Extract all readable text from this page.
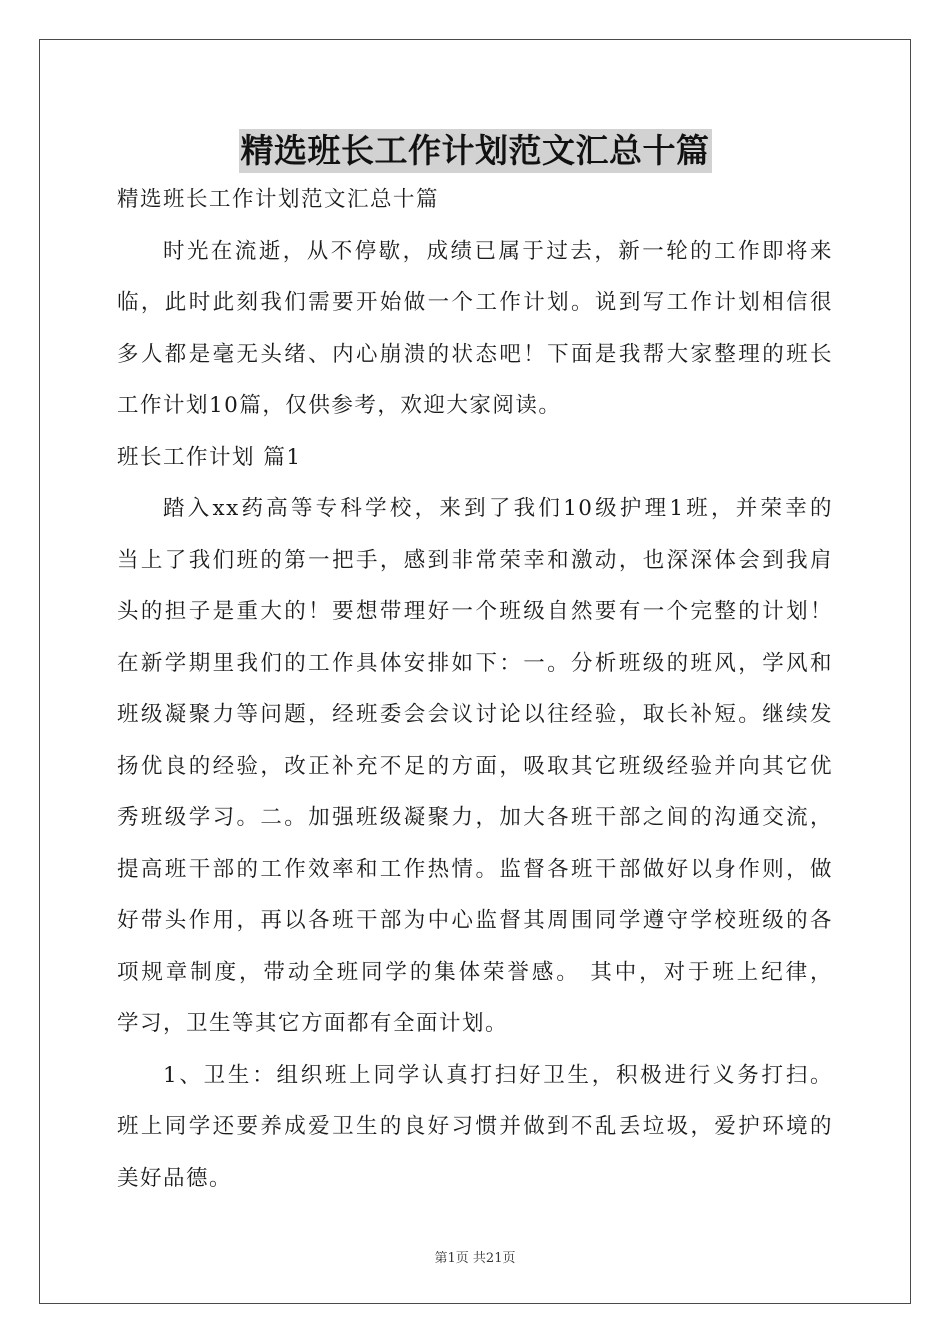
精选班长工作计划范文汇总十篇
精选班长工作计划范文汇总十篇
时光在流逝，从不停歇，成绩已属于过去，新一轮的工作即将来
临，此时此刻我们需要开始做一个工作计划。说到写工作计划相信很
多人都是毫无头绪、内心崩溃的状态吧！下面是我帮大家整理的班长
工作计划10篇，仅供参考，欢迎大家阅读。
班长工作计划 篇1
踏入xx药高等专科学校，来到了我们10级护理1班，并荣幸的
当上了我们班的第一把手，感到非常荣幸和激动，也深深体会到我肩
头的担子是重大的！要想带理好一个班级自然要有一个完整的计划！
在新学期里我们的工作具体安排如下：一。分析班级的班风，学风和
班级凝聚力等问题，经班委会会议讨论以往经验，取长补短。继续发
扬优良的经验，改正补充不足的方面，吸取其它班级经验并向其它优
秀班级学习。二。加强班级凝聚力，加大各班干部之间的沟通交流，
提高班干部的工作效率和工作热情。监督各班干部做好以身作则，做
好带头作用，再以各班干部为中心监督其周围同学遵守学校班级的各
项规章制度，带动全班同学的集体荣誉感。 其中，对于班上纪律，
学习，卫生等其它方面都有全面计划。
1、卫生：组织班上同学认真打扫好卫生，积极进行义务打扫。
班上同学还要养成爱卫生的良好习惯并做到不乱丢垃圾，爱护环境的
美好品德。
第1页 共21页
